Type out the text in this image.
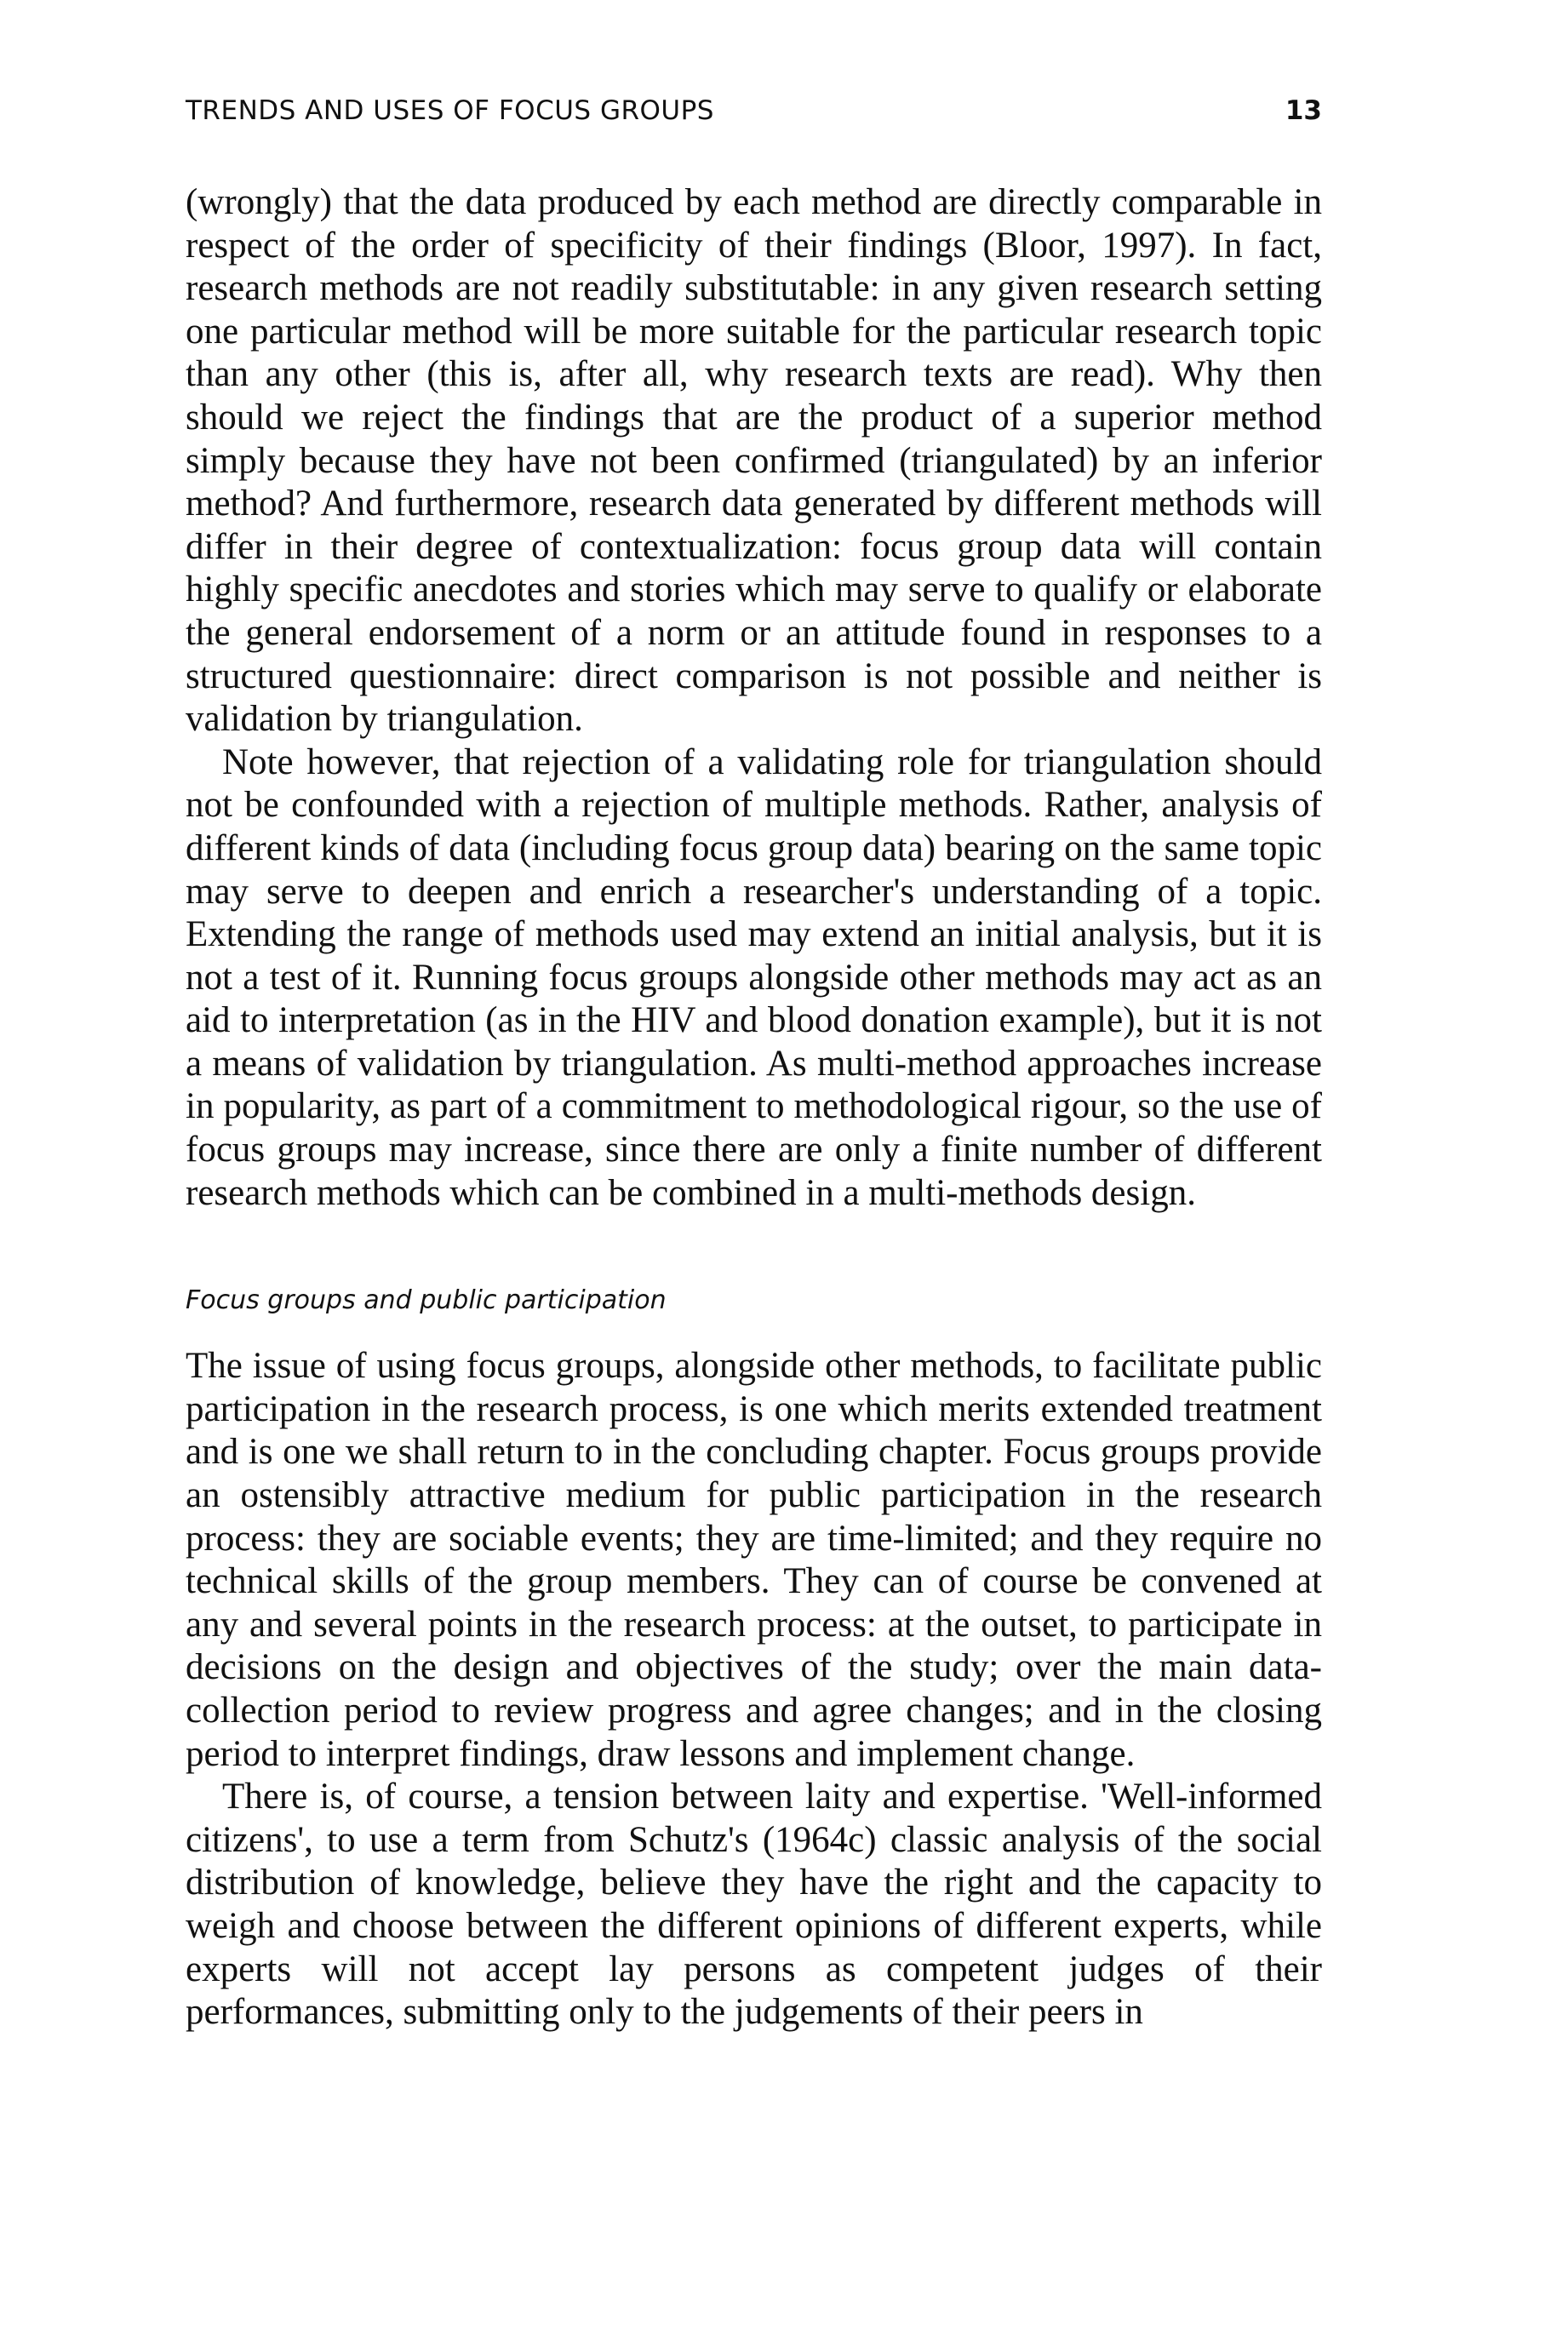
TRENDS AND USES OF FOCUS GROUPS	13

(wrongly) that the data produced by each method are directly comparable in respect of the order of specificity of their findings (Bloor, 1997). In fact, research methods are not readily substitutable: in any given research setting one particular method will be more suitable for the particular research topic than any other (this is, after all, why research texts are read). Why then should we reject the findings that are the product of a superior method simply because they have not been confirmed (triangulated) by an inferior method? And furthermore, research data generated by different methods will differ in their degree of contextualization: focus group data will contain highly specific anecdotes and stories which may serve to qualify or elaborate the general endorsement of a norm or an attitude found in responses to a structured questionnaire: direct comparison is not possible and neither is validation by triangulation.

Note however, that rejection of a validating role for triangulation should not be confounded with a rejection of multiple methods. Rather, analysis of different kinds of data (including focus group data) bearing on the same topic may serve to deepen and enrich a researcher's understanding of a topic. Extending the range of methods used may extend an initial analysis, but it is not a test of it. Running focus groups alongside other methods may act as an aid to interpretation (as in the HIV and blood donation example), but it is not a means of validation by triangulation. As multi-method approaches increase in popularity, as part of a commitment to methodological rigour, so the use of focus groups may increase, since there are only a finite number of different research methods which can be combined in a multi-methods design.

Focus groups and public participation

The issue of using focus groups, alongside other methods, to facilitate public participation in the research process, is one which merits extended treatment and is one we shall return to in the concluding chapter. Focus groups provide an ostensibly attractive medium for public participation in the research process: they are sociable events; they are time-limited; and they require no technical skills of the group members. They can of course be convened at any and several points in the research process: at the outset, to participate in decisions on the design and objectives of the study; over the main data-collection period to review progress and agree changes; and in the closing period to interpret findings, draw lessons and implement change.

There is, of course, a tension between laity and expertise. 'Well-informed citizens', to use a term from Schutz's (1964c) classic analysis of the social distribution of knowledge, believe they have the right and the capacity to weigh and choose between the different opinions of different experts, while experts will not accept lay persons as competent judges of their performances, submitting only to the judgements of their peers in
